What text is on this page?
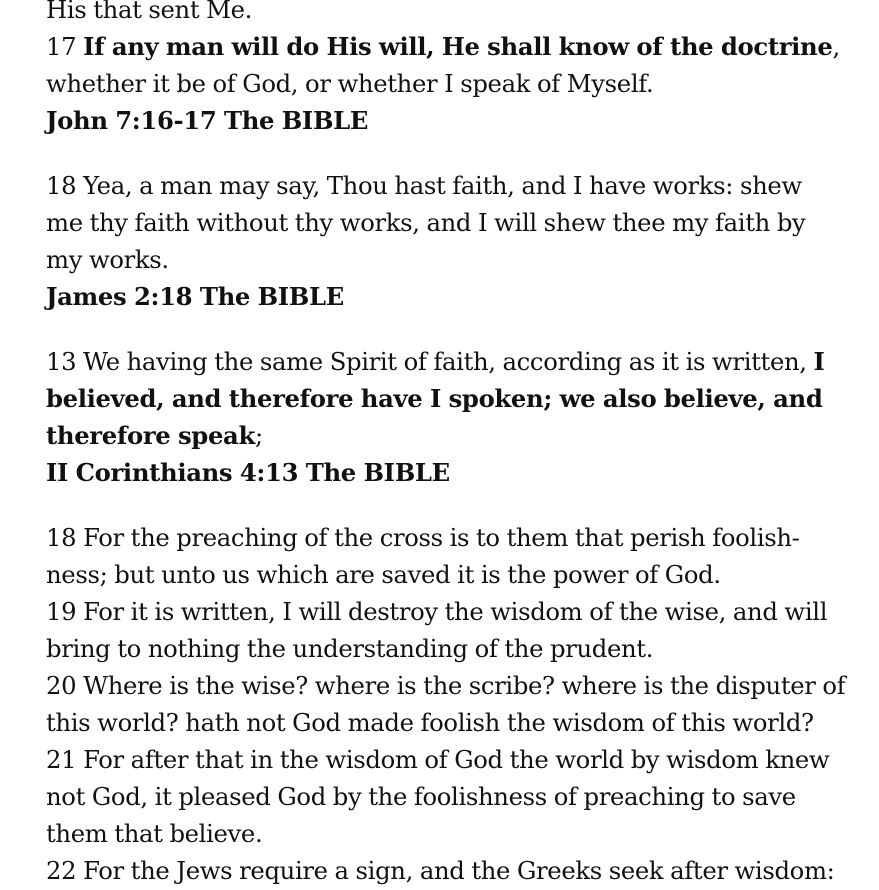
His that sent Me.
17 If any man will do His will, He shall know of the doctrine,
whether it be of God, or whether I speak of Myself.
John 7:16-17 The BIBLE
18 Yea, a man may say, Thou hast faith, and I have works: shew
me thy faith without thy works, and I will shew thee my faith by
my works.
James 2:18 The BIBLE
13 We having the same Spirit of faith, according as it is written, I
believed, and therefore have I spoken; we also believe, and
therefore speak;
II Corinthians 4:13 The BIBLE
18 For the preaching of the cross is to them that perish foolish-
ness; but unto us which are saved it is the power of God.
19 For it is written, I will destroy the wisdom of the wise, and will
bring to nothing the understanding of the prudent.
20 Where is the wise? where is the scribe? where is the disputer of
this world? hath not God made foolish the wisdom of this world?
21 For after that in the wisdom of God the world by wisdom knew
not God, it pleased God by the foolishness of preaching to save
them that believe.
22 For the Jews require a sign, and the Greeks seek after wisdom:
